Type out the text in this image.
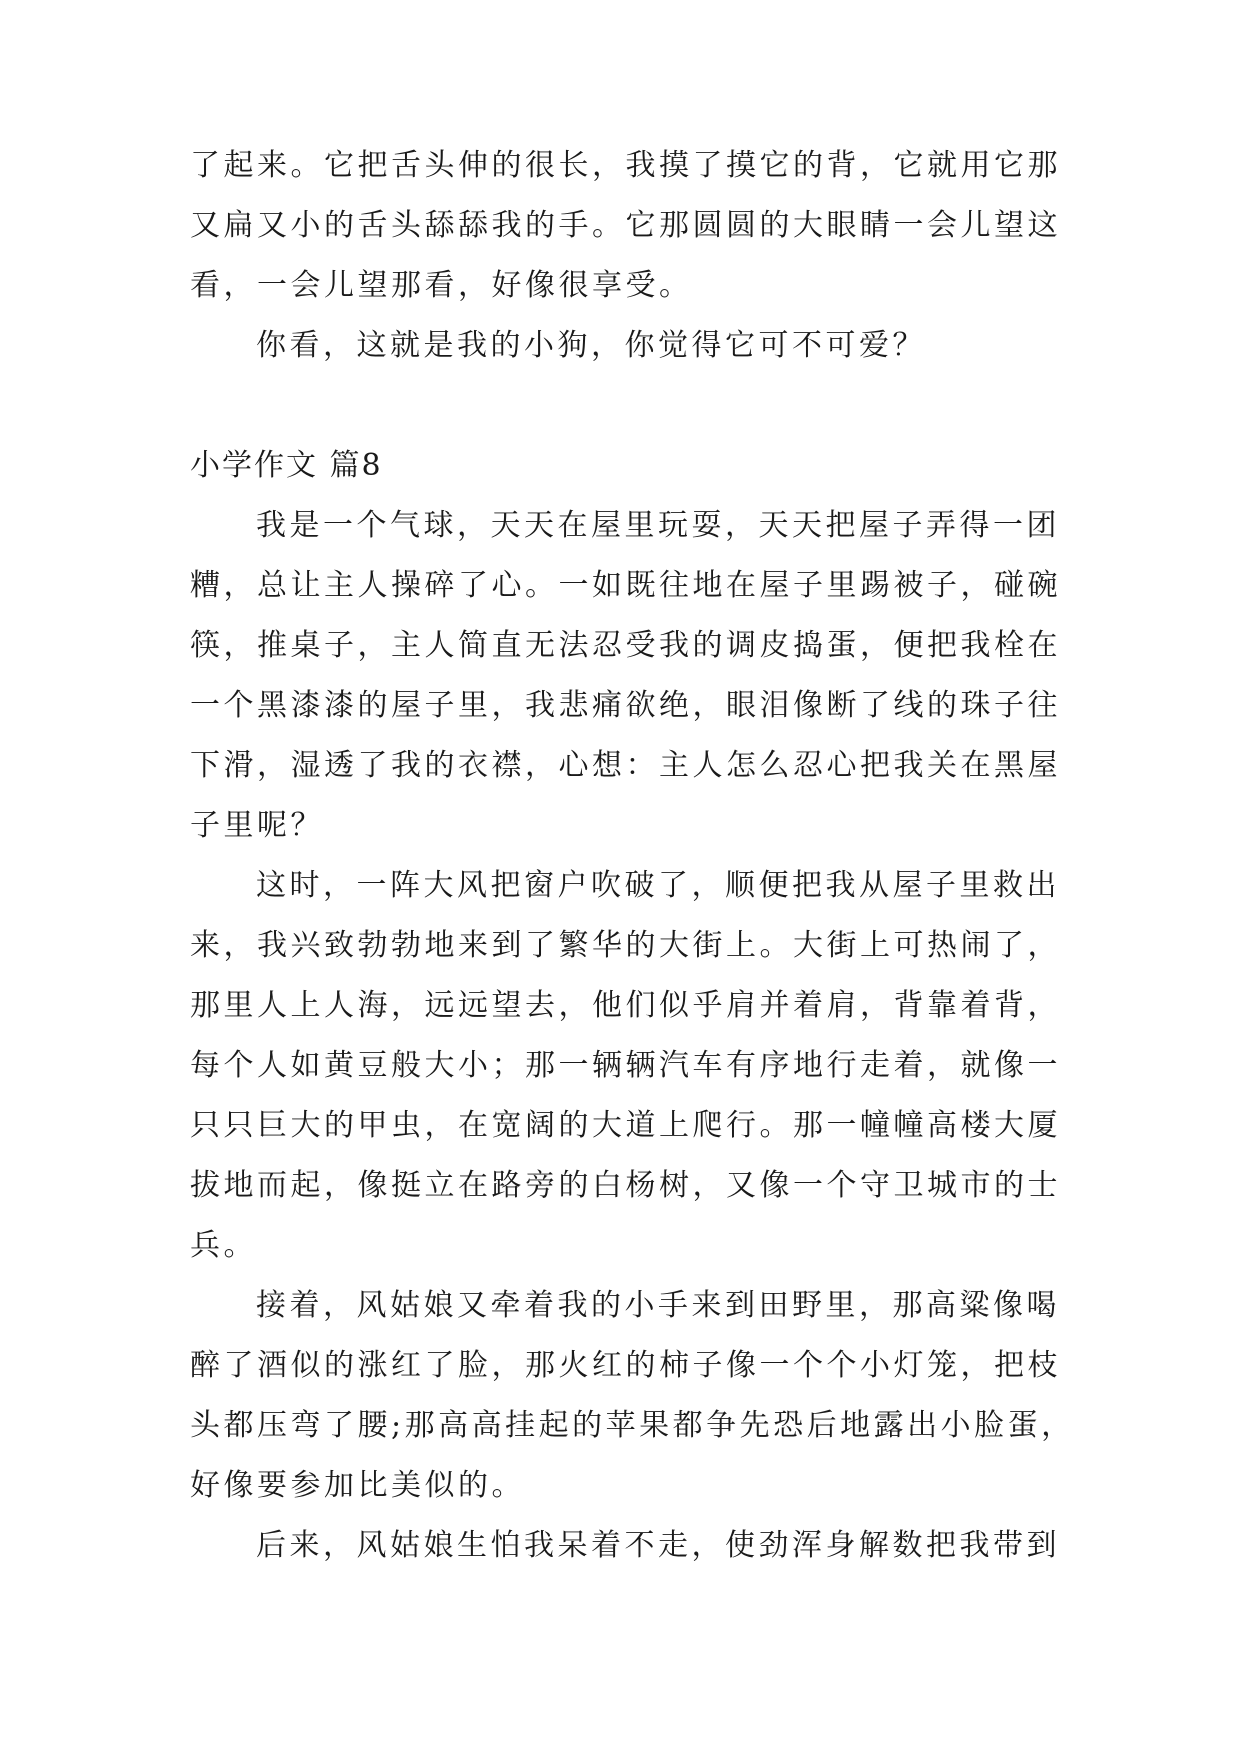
了起来。它把舌头伸的很长，我摸了摸它的背，它就用它那
又扁又小的舌头舔舔我的手。它那圆圆的大眼睛一会儿望这
看，一会儿望那看，好像很享受。
你看，这就是我的小狗，你觉得它可不可爱？
小学作文 篇8
我是一个气球，天天在屋里玩耍，天天把屋子弄得一团
糟，总让主人操碎了心。一如既往地在屋子里踢被子，碰碗
筷，推桌子，主人简直无法忍受我的调皮捣蛋，便把我栓在
一个黑漆漆的屋子里，我悲痛欲绝，眼泪像断了线的珠子往
下滑，湿透了我的衣襟，心想：主人怎么忍心把我关在黑屋
子里呢？
这时，一阵大风把窗户吹破了，顺便把我从屋子里救出
来，我兴致勃勃地来到了繁华的大街上。大街上可热闹了，
那里人上人海，远远望去，他们似乎肩并着肩，背靠着背，
每个人如黄豆般大小；那一辆辆汽车有序地行走着，就像一
只只巨大的甲虫，在宽阔的大道上爬行。那一幢幢高楼大厦
拔地而起，像挺立在路旁的白杨树，又像一个守卫城市的士
兵。
接着，风姑娘又牵着我的小手来到田野里，那高粱像喝
醉了酒似的涨红了脸，那火红的柿子像一个个小灯笼，把枝
头都压弯了腰;那高高挂起的苹果都争先恐后地露出小脸蛋，
好像要参加比美似的。
后来，风姑娘生怕我呆着不走，使劲浑身解数把我带到
